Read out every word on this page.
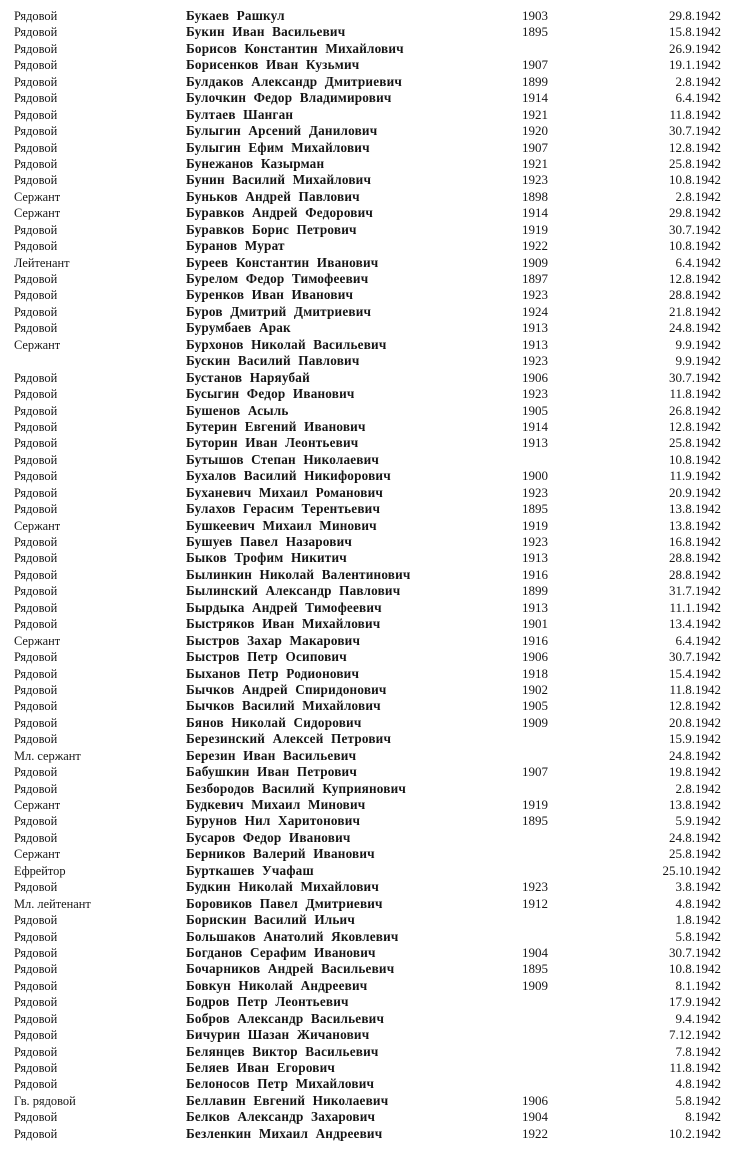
Рядовой	Букаев Рашкул	1903	29.8.1942
Рядовой	Букин Иван Васильевич	1895	15.8.1942
Рядовой	Борисов Константин Михайлович	26.9.1942
Рядовой	Борисенков Иван Кузьмич	1907	19.1.1942
Рядовой	Булдаков Александр Дмитриевич	1899	2.8.1942
Рядовой	Булочкин Федор Владимирович	1914	6.4.1942
Рядовой	Бултаев Шанган	1921	11.8.1942
Рядовой	Булыгин Арсений Данилович	1920	30.7.1942
Рядовой	Булыгин Ефим Михайлович	1907	12.8.1942
Рядовой	Бунежанов Казырман	1921	25.8.1942
Рядовой	Бунин Василий Михайлович	1923	10.8.1942
Сержант	Буньков Андрей Павлович	1898	2.8.1942
Сержант	Буравков Андрей Федорович	1914	29.8.1942
Рядовой	Буравков Борис Петрович	1919	30.7.1942
Рядовой	Буранов Мурат	1922	10.8.1942
Лейтенант	Буреев Константин Иванович	1909	6.4.1942
Рядовой	Бурелом Федор Тимофеевич	1897	12.8.1942
Рядовой	Буренков Иван Иванович	1923	28.8.1942
Рядовой	Буров Дмитрий Дмитриевич	1924	21.8.1942
Рядовой	Бурумбаев Арак	1913	24.8.1942
Сержант	Бурхонов Николай Васильевич	1913	9.9.1942
Бускин Василий Павлович	1923	9.9.1942
Рядовой	Бустанов Наряубай	1906	30.7.1942
Рядовой	Бусыгин Федор Иванович	1923	11.8.1942
Рядовой	Бушенов Асыль	1905	26.8.1942
Рядовой	Бутерин Евгений Иванович	1914	12.8.1942
Рядовой	Буторин Иван Леонтьевич	1913	25.8.1942
Рядовой	Бутышов Степан Николаевич	10.8.1942
Рядовой	Бухалов Василий Никифорович	1900	11.9.1942
Рядовой	Буханевич Михаил Романович	1923	20.9.1942
Рядовой	Булахов Герасим Терентьевич	1895	13.8.1942
Сержант	Бушкеевич Михаил Минович	1919	13.8.1942
Рядовой	Бушуев Павел Назарович	1923	16.8.1942
Рядовой	Быков Трофим Никитич	1913	28.8.1942
Рядовой	Былинкин Николай Валентинович	1916	28.8.1942
Рядовой	Былинский Александр Павлович	1899	31.7.1942
Рядовой	Бырдыка Андрей Тимофеевич	1913	11.1.1942
Рядовой	Быстряков Иван Михайлович	1901	13.4.1942
Сержант	Быстров Захар Макарович	1916	6.4.1942
Рядовой	Быстров Петр Осипович	1906	30.7.1942
Рядовой	Быханов Петр Родионович	1918	15.4.1942
Рядовой	Бычков Андрей Спиридонович	1902	11.8.1942
Рядовой	Бычков Василий Михайлович	1905	12.8.1942
Рядовой	Бянов Николай Сидорович	1909	20.8.1942
Рядовой	Березинский Алексей Петрович	15.9.1942
Мл. сержант	Березин Иван Васильевич	24.8.1942
Рядовой	Бабушкин Иван Петрович	1907	19.8.1942
Рядовой	Безбородов Василий Куприянович	2.8.1942
Сержант	Будкевич Михаил Минович	1919	13.8.1942
Рядовой	Бурунов Нил Харитонович	1895	5.9.1942
Рядовой	Бусаров Федор Иванович	24.8.1942
Сержант	Берников Валерий Иванович	25.8.1942
Ефрейтор	Бурткашев Учафаш	25.10.1942
Рядовой	Будкин Николай Михайлович	1923	3.8.1942
Мл. лейтенант	Боровиков Павел Дмитриевич	1912	4.8.1942
Рядовой	Борискин Василий Ильич	1.8.1942
Рядовой	Большаков Анатолий Яковлевич	5.8.1942
Рядовой	Богданов Серафим Иванович	1904	30.7.1942
Рядовой	Бочарников Андрей Васильевич	1895	10.8.1942
Рядовой	Бовкун Николай Андреевич	1909	8.1.1942
Рядовой	Бодров Петр Леонтьевич	17.9.1942
Рядовой	Бобров Александр Васильевич	9.4.1942
Рядовой	Бичурин Шазан Жичанович	7.12.1942
Рядовой	Белянцев Виктор Васильевич	7.8.1942
Рядовой	Беляев Иван Егорович	11.8.1942
Рядовой	Белоносов Петр Михайлович	4.8.1942
Гв. рядовой	Беллавин Евгений Николаевич	1906	5.8.1942
Рядовой	Белков Александр Захарович	1904	8.1942
Рядовой	Безленкин Михаил Андреевич	1922	10.2.1942
